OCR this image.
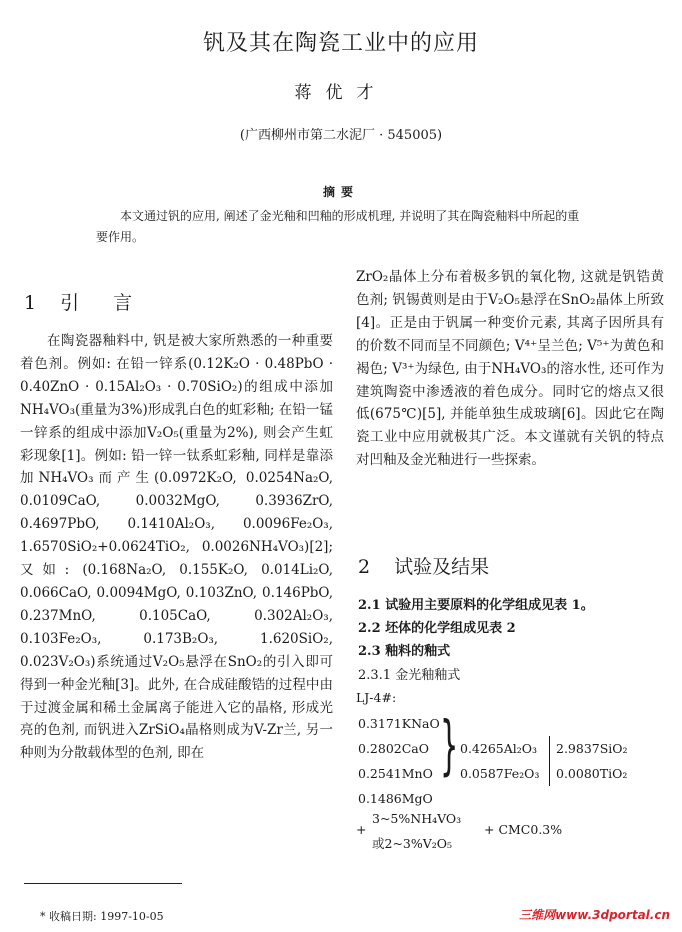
钒及其在陶瓷工业中的应用
蒋优才
(广西柳州市第二水泥厂 · 545005)
摘要
本文通过钒的应用, 阐述了金光釉和凹釉的形成机理, 并说明了其在陶瓷釉料中所起的重要作用。
1 引 言

在陶瓷器釉料中, 钒是被大家所熟悉的一种重要着色剂。例如: 在铅一锌系(0.12K₂O · 0.48PbO · 0.40ZnO · 0.15Al₂O₃ · 0.70SiO₂)的组成中添加NH₄VO₃(重量为3%)形成乳白色的虹彩釉; 在铅一锰一锌系的组成中添加V₂O₅(重量为2%), 则会产生虹彩现象[1]。例如: 铅一锌一钛系虹彩釉, 同样是靠添加NH₄VO₃而产生(0.0972K₂O, 0.0254Na₂O, 0.0109CaO, 0.0032MgO, 0.3936ZrO, 0.4697PbO, 0.1410Al₂O₃, 0.0096Fe₂O₃, 1.6570SiO₂+0.0624TiO₂, 0.0026NH₄VO₃)[2]; 又如: (0.168Na₂O, 0.155K₂O, 0.014Li₂O, 0.066CaO, 0.0094MgO, 0.103ZnO, 0.146PbO, 0.237MnO, 0.105CaO, 0.302Al₂O₃, 0.103Fe₂O₃, 0.173B₂O₃, 1.620SiO₂, 0.023V₂O₃)系统通过V₂O₅悬浮在SnO₂的引入即可得到一种金光釉[3]。此外, 在合成硅酸锆的过程中由于过渡金属和稀土金属离子能进入它的晶格, 形成光亮的色剂, 而钒进入ZrSiO₄晶格则成为V-Zr兰, 另一种则为分散载体型的色剂, 即在

ZrO₂晶体上分布着极多钒的氧化物, 这就是钒锆黄色剂; 钒锡黄则是由于V₂O₅悬浮在SnO₂晶体上所致[4]。正是由于钒属一种变价元素, 其离子因所具有的价数不同而呈不同颜色; V⁴⁺呈兰色; V⁵⁺为黄色和褐色; V³⁺为绿色, 由于NH₄VO₃的溶水性, 还可作为建筑陶瓷中渗透液的着色成分。同时它的熔点又很低(675℃)[5], 并能单独生成玻璃[6]。因此它在陶瓷工业中应用就极其广泛。本文谨就有关钒的特点对凹釉及金光釉进行一些探索。

2 试验及结果
2.1 试验用主要原料的化学组成见表 1。
2.2 坯体的化学组成见表 2
2.3 釉料的釉式
2.3.1 金光釉釉式
LJ-4#:
0.3171KNaO
0.2802CaO
0.2541MnO
0.1486MgO
} 0.4265Al₂O₃
0.0587Fe₂O₃
2.9837SiO₂
0.0080TiO₂
+
3~5%NH₄VO₃
或2~3%V₂O₅
+ CMC0.3%
* 收稿日期: 1997-10-05	三维网www.3dportal.cn
